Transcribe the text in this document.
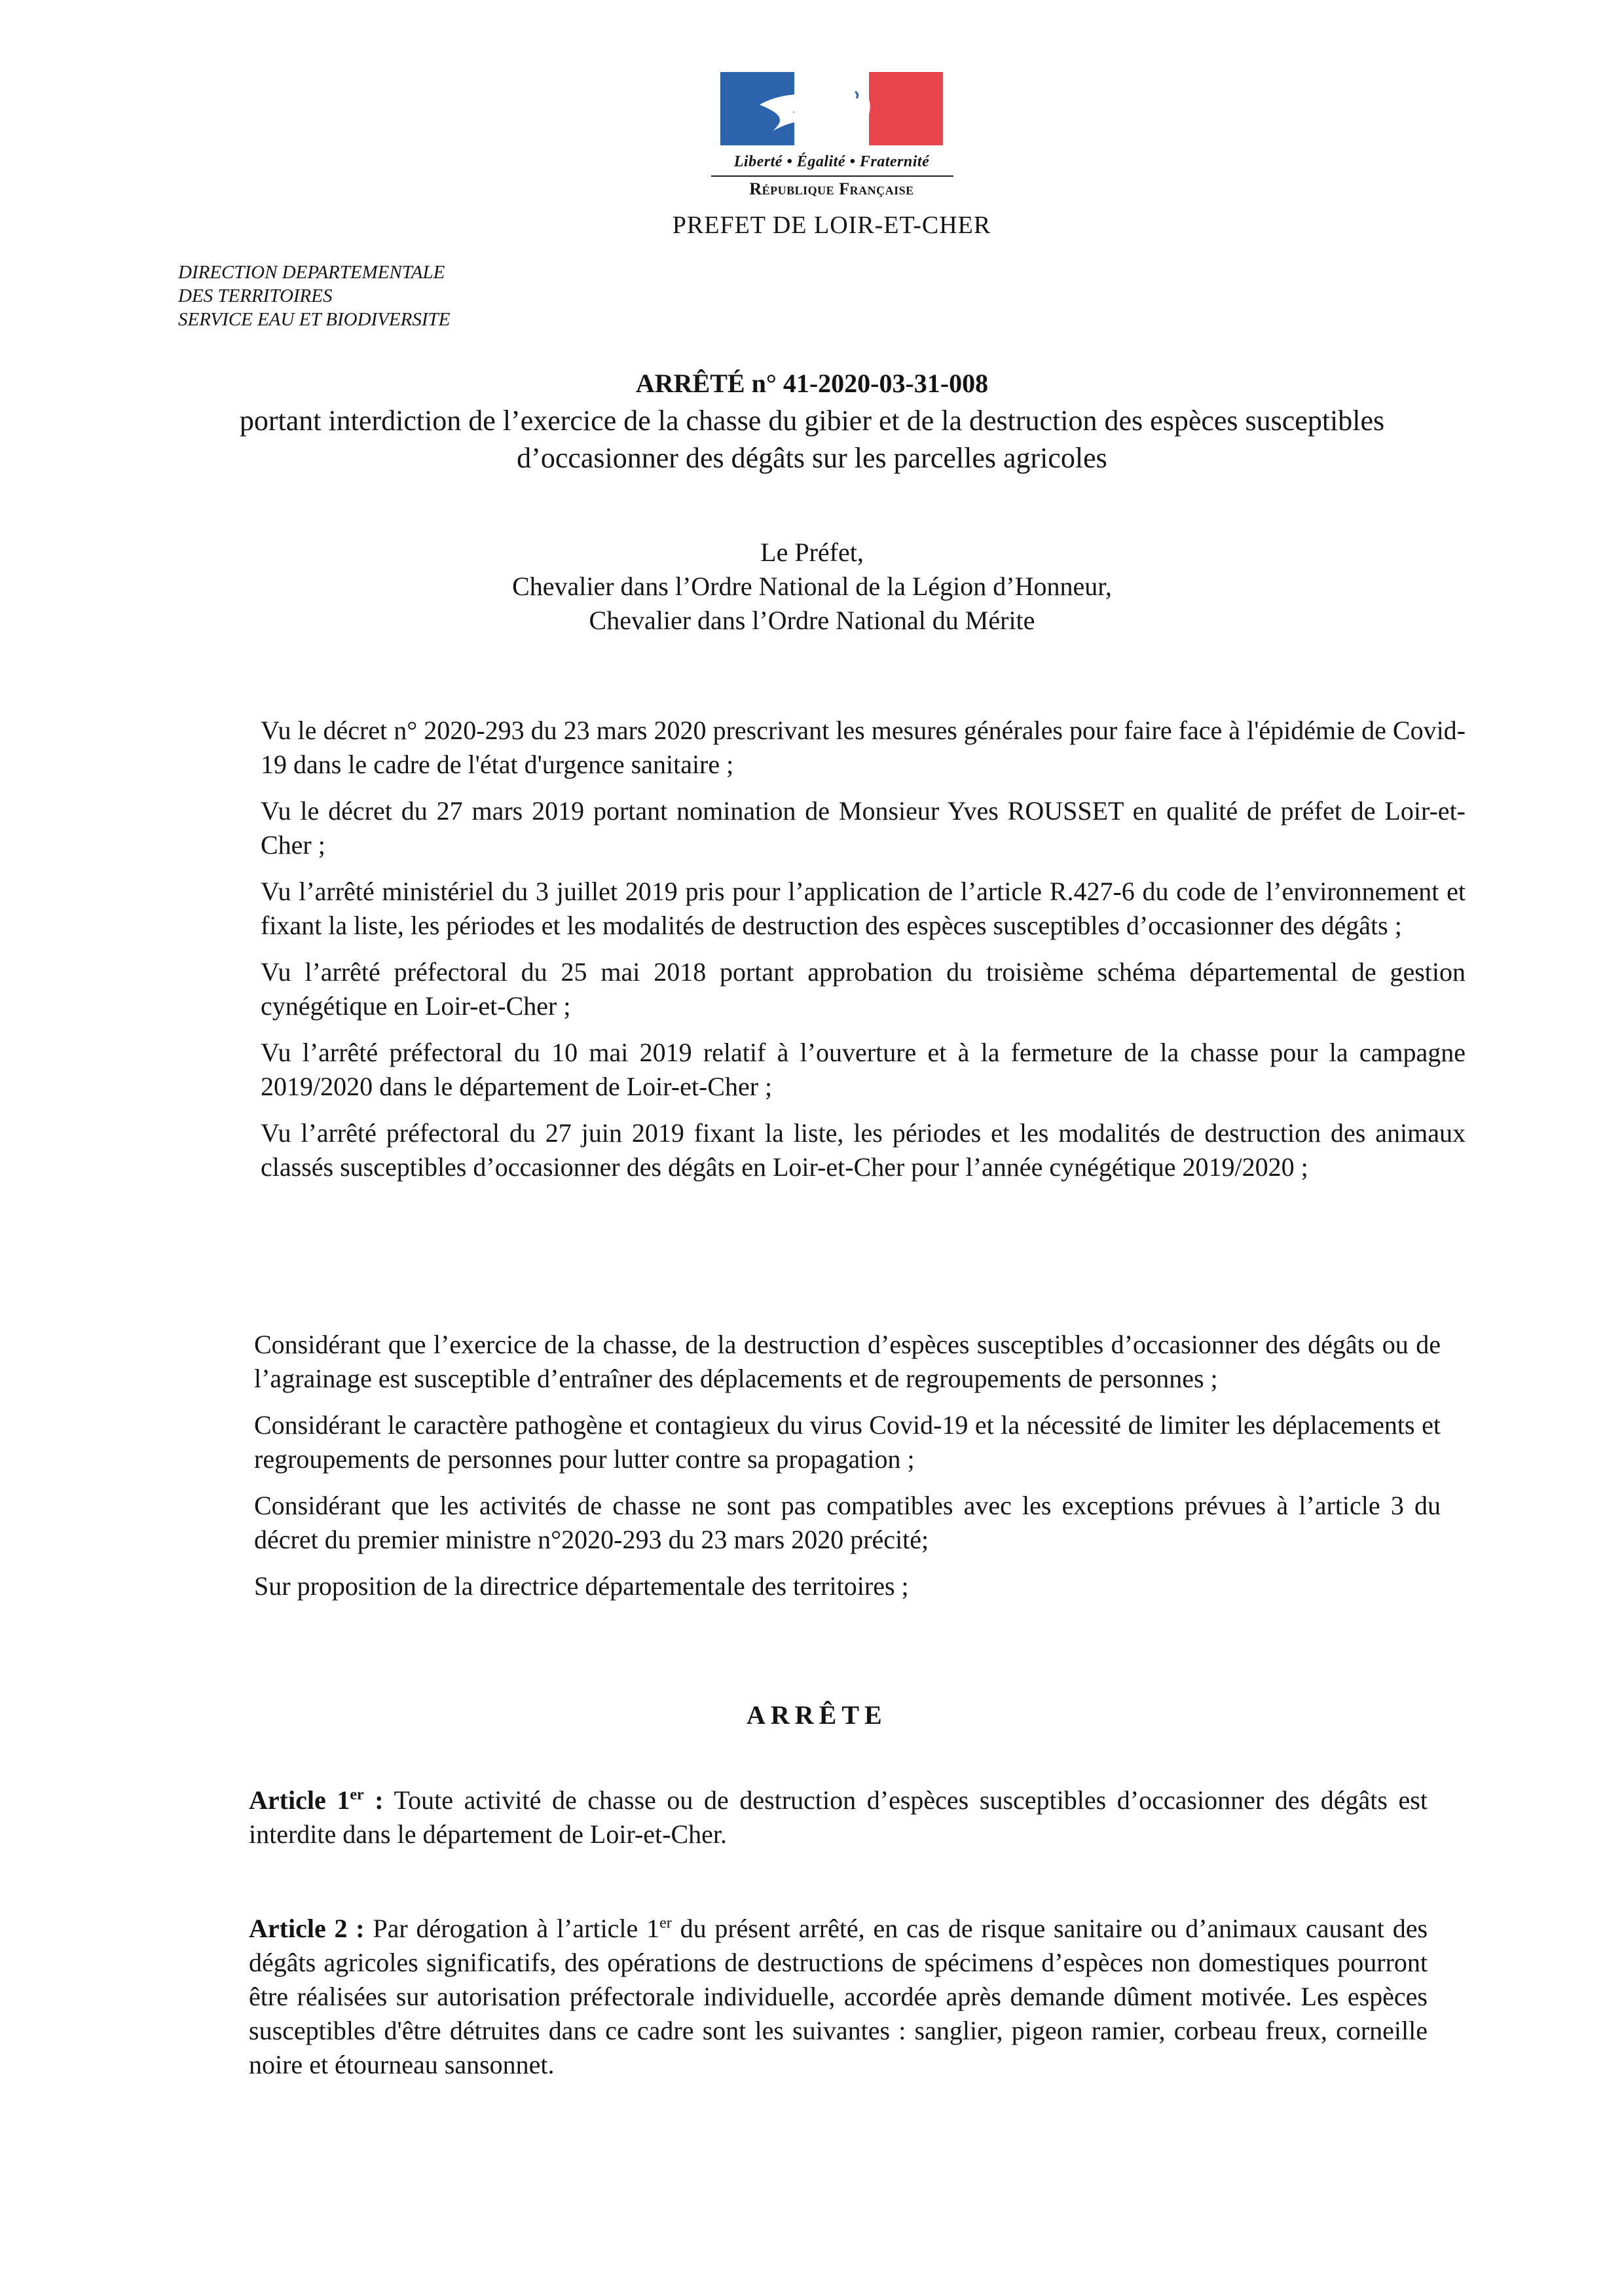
Liberté • Égalité • Fraternité
République Française
PREFET DE LOIR-ET-CHER
DIRECTION DEPARTEMENTALE
DES TERRITOIRES
SERVICE EAU ET BIODIVERSITE
ARRÊTÉ n° 41-2020-03-31-008
portant interdiction de l’exercice de la chasse du gibier et de la destruction des espèces susceptibles
d’occasionner des dégâts sur les parcelles agricoles
Le Préfet,
Chevalier dans l’Ordre National de la Légion d’Honneur,
Chevalier dans l’Ordre National du Mérite

Vu le décret n° 2020-293 du 23 mars 2020 prescrivant les mesures générales pour faire face à l'épidémie de Covid-19 dans le cadre de l'état d'urgence sanitaire ;

Vu le décret du 27 mars 2019 portant nomination de Monsieur Yves ROUSSET en qualité de préfet de Loir-et-Cher ;

Vu l’arrêté ministériel du 3 juillet 2019 pris pour l’application de l’article R.427-6 du code de l’environnement et fixant la liste, les périodes et les modalités de destruction des espèces susceptibles d’occasionner des dégâts ;

Vu l’arrêté préfectoral du 25 mai 2018 portant approbation du troisième schéma départemental de gestion cynégétique en Loir-et-Cher ;

Vu l’arrêté préfectoral du 10 mai 2019 relatif à l’ouverture et à la fermeture de la chasse pour la campagne 2019/2020 dans le département de Loir-et-Cher ;

Vu l’arrêté préfectoral du 27 juin 2019 fixant la liste, les périodes et les modalités de destruction des animaux classés susceptibles d’occasionner des dégâts en Loir-et-Cher pour l’année cynégétique 2019/2020 ;

Considérant que l’exercice de la chasse, de la destruction d’espèces susceptibles d’occasionner des dégâts ou de l’agrainage est susceptible d’entraîner des déplacements et de regroupements de personnes ;

Considérant le caractère pathogène et contagieux du virus Covid-19 et la nécessité de limiter les déplacements et regroupements de personnes pour lutter contre sa propagation ;

Considérant que les activités de chasse ne sont pas compatibles avec les exceptions prévues à l’article 3 du décret du premier ministre n°2020-293 du 23 mars 2020 précité;

Sur proposition de la directrice départementale des territoires ;

ARRÊTE
Article 1er : Toute activité de chasse ou de destruction d’espèces susceptibles d’occasionner des dégâts est interdite dans le département de Loir-et-Cher.
Article 2 : Par dérogation à l’article 1er du présent arrêté, en cas de risque sanitaire ou d’animaux causant des dégâts agricoles significatifs, des opérations de destructions de spécimens d’espèces non domestiques pourront être réalisées sur autorisation préfectorale individuelle, accordée après demande dûment motivée. Les espèces susceptibles d'être détruites dans ce cadre sont les suivantes : sanglier, pigeon ramier, corbeau freux, corneille noire et étourneau sansonnet.
